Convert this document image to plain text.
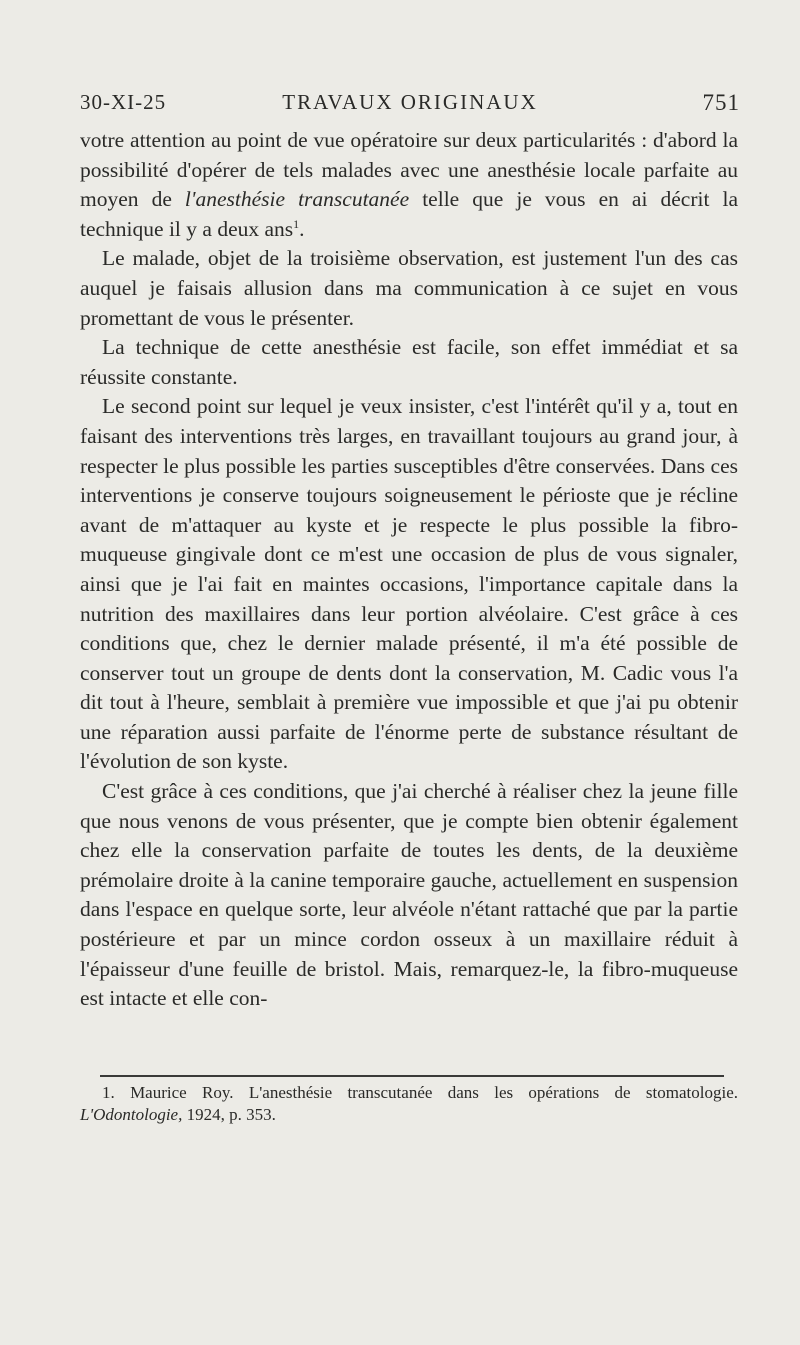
30-XI-25	TRAVAUX ORIGINAUX	751

votre attention au point de vue opératoire sur deux particularités : d'abord la possibilité d'opérer de tels malades avec une anesthésie locale parfaite au moyen de l'anesthésie transcutanée telle que je vous en ai décrit la technique il y a deux ans$^1$.

Le malade, objet de la troisième observation, est justement l'un des cas auquel je faisais allusion dans ma communication à ce sujet en vous promettant de vous le présenter.

La technique de cette anesthésie est facile, son effet immédiat et sa réussite constante.

Le second point sur lequel je veux insister, c'est l'intérêt qu'il y a, tout en faisant des interventions très larges, en travaillant toujours au grand jour, à respecter le plus possible les parties susceptibles d'être conservées. Dans ces interventions je conserve toujours soigneusement le périoste que je récline avant de m'attaquer au kyste et je respecte le plus possible la fibro-muqueuse gingivale dont ce m'est une occasion de plus de vous signaler, ainsi que je l'ai fait en maintes occasions, l'importance capitale dans la nutrition des maxillaires dans leur portion alvéolaire. C'est grâce à ces conditions que, chez le dernier malade présenté, il m'a été possible de conserver tout un groupe de dents dont la conservation, M. Cadic vous l'a dit tout à l'heure, semblait à première vue impossible et que j'ai pu obtenir une réparation aussi parfaite de l'énorme perte de substance résultant de l'évolution de son kyste.

C'est grâce à ces conditions, que j'ai cherché à réaliser chez la jeune fille que nous venons de vous présenter, que je compte bien obtenir également chez elle la conservation parfaite de toutes les dents, de la deuxième prémolaire droite à la canine temporaire gauche, actuellement en suspension dans l'espace en quelque sorte, leur alvéole n'étant rattaché que par la partie postérieure et par un mince cordon osseux à un maxillaire réduit à l'épaisseur d'une feuille de bristol. Mais, remarquez-le, la fibro-muqueuse est intacte et elle con-

1. Maurice Roy. L'anesthésie transcutanée dans les opérations de stomatologie. L'Odontologie, 1924, p. 353.
